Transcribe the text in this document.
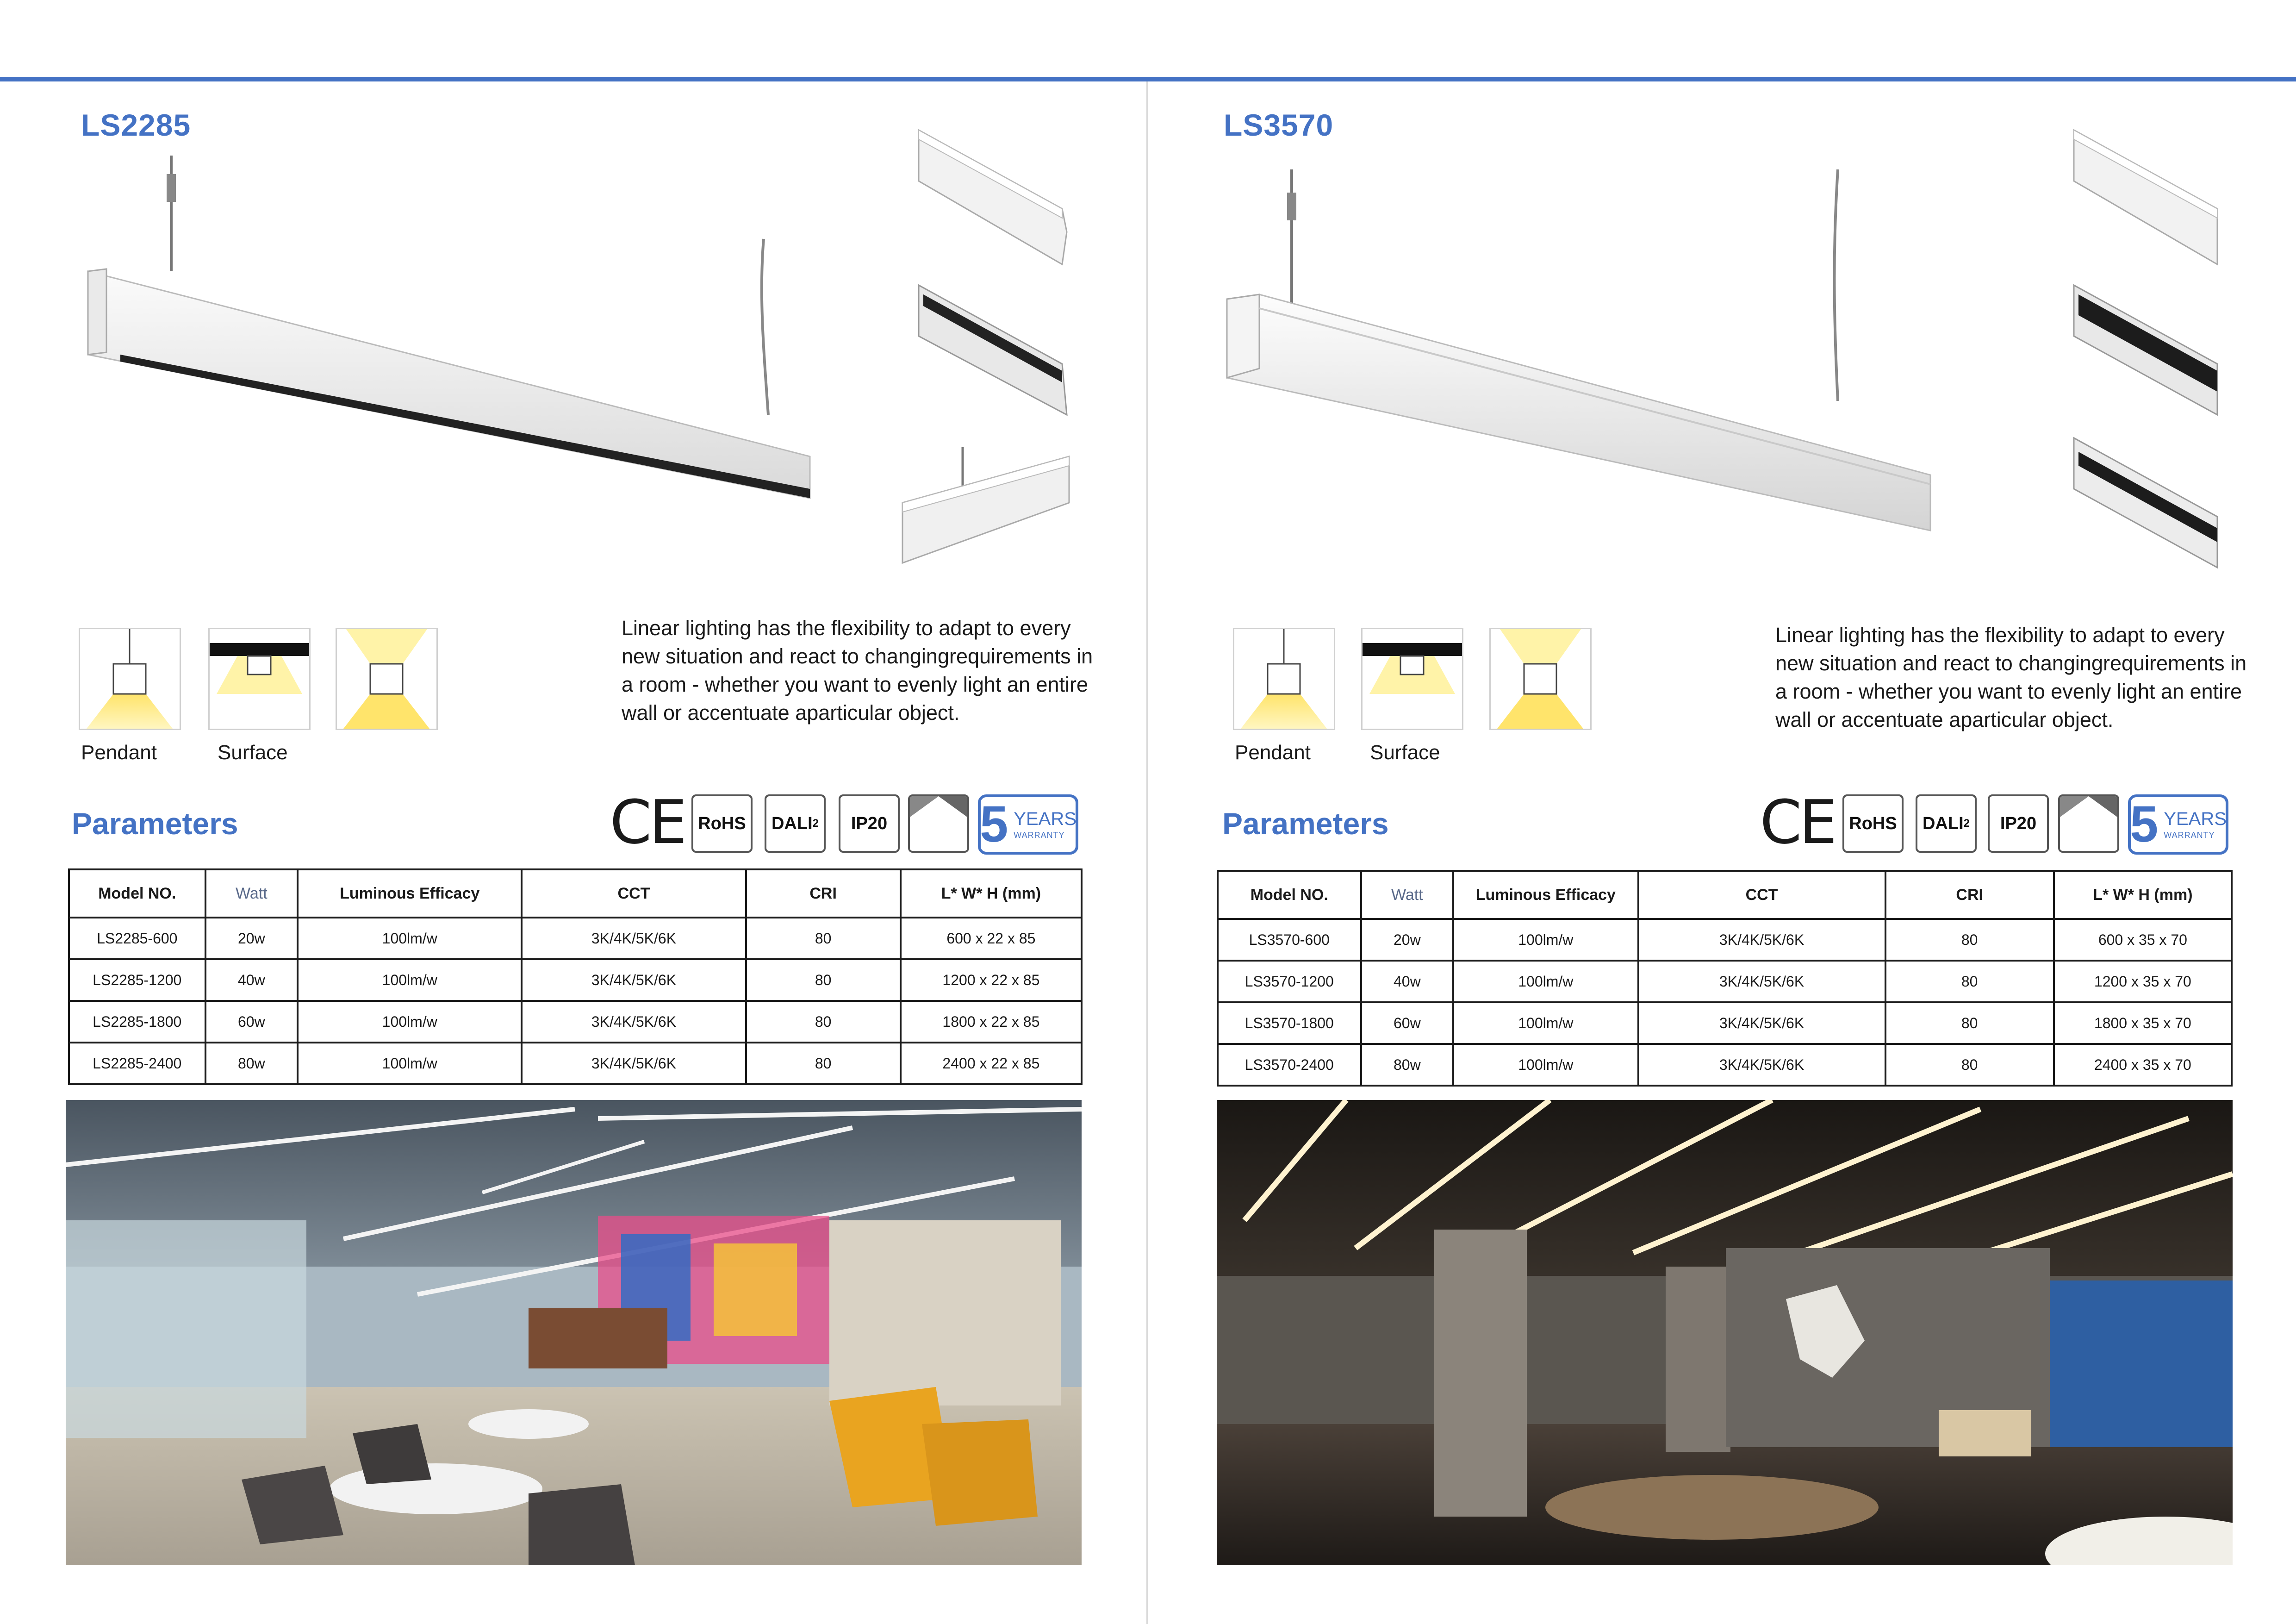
LS2285
Pendant	Surface
Linear lighting has the flexibility to adapt to every new situation and react to changingrequirements in a room - whether you want to evenly light an entire wall or accentuate aparticular object.
Parameters	CE RoHS	DALI 2	IP20 5 YEARS
WARRANTY
Model NO.	Watt	Luminous Efficacy	CCT	CRI	L* W* H (mm)
LS2285-600	20w	100lm/w	3K/4K/5K/6K	80	600 x 22 x 85
LS2285-1200	40w	100lm/w	3K/4K/5K/6K	80	1200 x 22 x 85
LS2285-1800	60w	100lm/w	3K/4K/5K/6K	80	1800 x 22 x 85
LS2285-2400	80w	100lm/w	3K/4K/5K/6K	80	2400 x 22 x 85
LS3570
Pendant	Surface
Linear lighting has the flexibility to adapt to every new situation and react to changingrequirements in a room - whether you want to evenly light an entire wall or accentuate aparticular object.
Parameters	CE RoHS	DALI 2	IP20 5 YEARS
WARRANTY
Model NO.	Watt	Luminous Efficacy	CCT	CRI	L* W* H (mm)
LS3570-600	20w	100lm/w	3K/4K/5K/6K	80	600 x 35 x 70
LS3570-1200	40w	100lm/w	3K/4K/5K/6K	80	1200 x 35 x 70
LS3570-1800	60w	100lm/w	3K/4K/5K/6K	80	1800 x 35 x 70
LS3570-2400	80w	100lm/w	3K/4K/5K/6K	80	2400 x 35 x 70
